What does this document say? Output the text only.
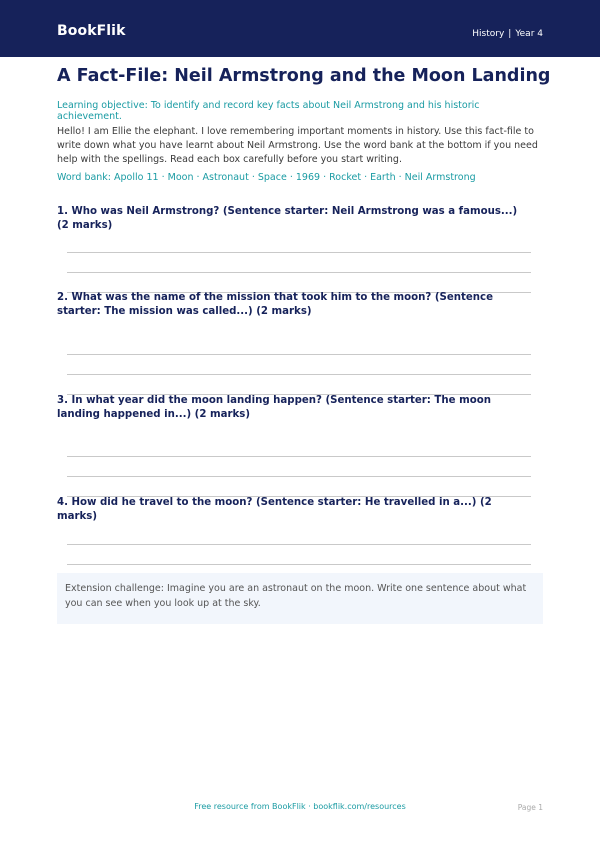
BookFlik	History | Year 4
A Fact-File: Neil Armstrong and the Moon Landing
Learning objective: To identify and record key facts about Neil Armstrong and his historic achievement.
Hello! I am Ellie the elephant. I love remembering important moments in history. Use this fact-file to write down what you have learnt about Neil Armstrong. Use the word bank at the bottom if you need help with the spellings. Read each box carefully before you start writing.
Word bank: Apollo 11 · Moon · Astronaut · Space · 1969 · Rocket · Earth · Neil Armstrong

1. Who was Neil Armstrong? (Sentence starter: Neil Armstrong was a famous...) (2 marks)

2. What was the name of the mission that took him to the moon? (Sentence starter: The mission was called...) (2 marks)

3. In what year did the moon landing happen? (Sentence starter: The moon landing happened in...) (2 marks)

4. How did he travel to the moon? (Sentence starter: He travelled in a...) (2 marks)

Extension challenge: Imagine you are an astronaut on the moon. Write one sentence about what you can see when you look up at the sky.
Free resource from BookFlik · bookflik.com/resources	Page 1
